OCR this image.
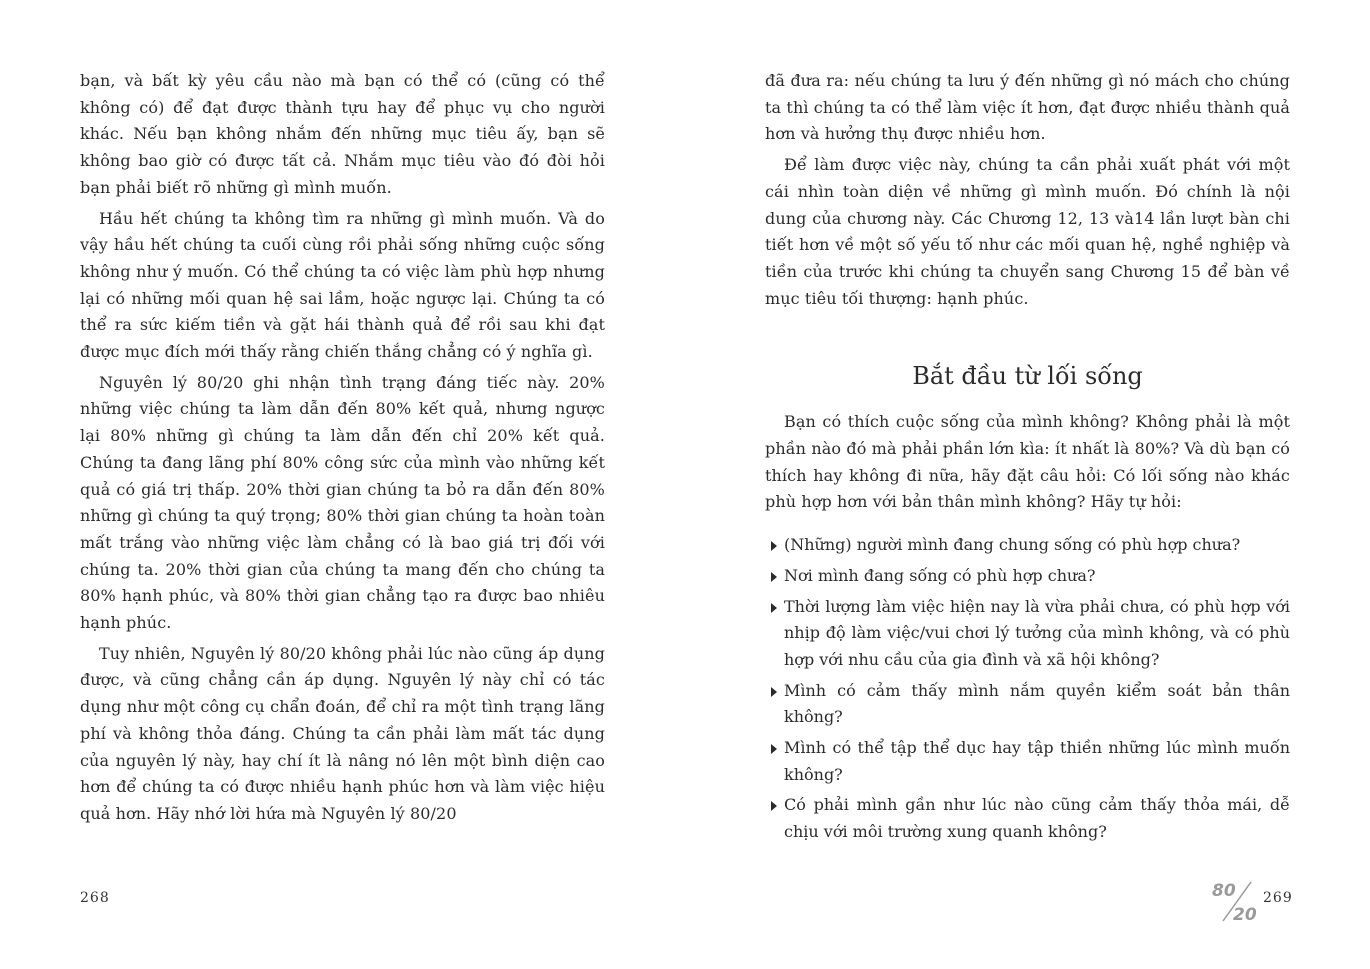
bạn, và bất kỳ yêu cầu nào mà bạn có thể có (cũng có thể không có) để đạt được thành tựu hay để phục vụ cho người khác. Nếu bạn không nhắm đến những mục tiêu ấy, bạn sẽ không bao giờ có được tất cả. Nhắm mục tiêu vào đó đòi hỏi bạn phải biết rõ những gì mình muốn.

Hầu hết chúng ta không tìm ra những gì mình muốn. Và do vậy hầu hết chúng ta cuối cùng rồi phải sống những cuộc sống không như ý muốn. Có thể chúng ta có việc làm phù hợp nhưng lại có những mối quan hệ sai lầm, hoặc ngược lại. Chúng ta có thể ra sức kiếm tiền và gặt hái thành quả để rồi sau khi đạt được mục đích mới thấy rằng chiến thắng chẳng có ý nghĩa gì.

Nguyên lý 80/20 ghi nhận tình trạng đáng tiếc này. 20% những việc chúng ta làm dẫn đến 80% kết quả, nhưng ngược lại 80% những gì chúng ta làm dẫn đến chỉ 20% kết quả. Chúng ta đang lãng phí 80% công sức của mình vào những kết quả có giá trị thấp. 20% thời gian chúng ta bỏ ra dẫn đến 80% những gì chúng ta quý trọng; 80% thời gian chúng ta hoàn toàn mất trắng vào những việc làm chẳng có là bao giá trị đối với chúng ta. 20% thời gian của chúng ta mang đến cho chúng ta 80% hạnh phúc, và 80% thời gian chẳng tạo ra được bao nhiêu hạnh phúc.

Tuy nhiên, Nguyên lý 80/20 không phải lúc nào cũng áp dụng được, và cũng chẳng cần áp dụng. Nguyên lý này chỉ có tác dụng như một công cụ chẩn đoán, để chỉ ra một tình trạng lãng phí và không thỏa đáng. Chúng ta cần phải làm mất tác dụng của nguyên lý này, hay chí ít là nâng nó lên một bình diện cao hơn để chúng ta có được nhiều hạnh phúc hơn và làm việc hiệu quả hơn. Hãy nhớ lời hứa mà Nguyên lý 80/20

đã đưa ra: nếu chúng ta lưu ý đến những gì nó mách cho chúng ta thì chúng ta có thể làm việc ít hơn, đạt được nhiều thành quả hơn và hưởng thụ được nhiều hơn.

Để làm được việc này, chúng ta cần phải xuất phát với một cái nhìn toàn diện về những gì mình muốn. Đó chính là nội dung của chương này. Các Chương 12, 13 và14 lần lượt bàn chi tiết hơn về một số yếu tố như các mối quan hệ, nghề nghiệp và tiền của trước khi chúng ta chuyển sang Chương 15 để bàn về mục tiêu tối thượng: hạnh phúc.

Bắt đầu từ lối sống

Bạn có thích cuộc sống của mình không? Không phải là một phần nào đó mà phải phần lớn kìa: ít nhất là 80%? Và dù bạn có thích hay không đi nữa, hãy đặt câu hỏi: Có lối sống nào khác phù hợp hơn với bản thân mình không? Hãy tự hỏi:

(Những) người mình đang chung sống có phù hợp chưa?
Nơi mình đang sống có phù hợp chưa?
Thời lượng làm việc hiện nay là vừa phải chưa, có phù hợp với nhịp độ làm việc/vui chơi lý tưởng của mình không, và có phù hợp với nhu cầu của gia đình và xã hội không?
Mình có cảm thấy mình nắm quyền kiểm soát bản thân không?
Mình có thể tập thể dục hay tập thiền những lúc mình muốn không?
Có phải mình gần như lúc nào cũng cảm thấy thỏa mái, dễ chịu với môi trường xung quanh không?
268	80
20
269
